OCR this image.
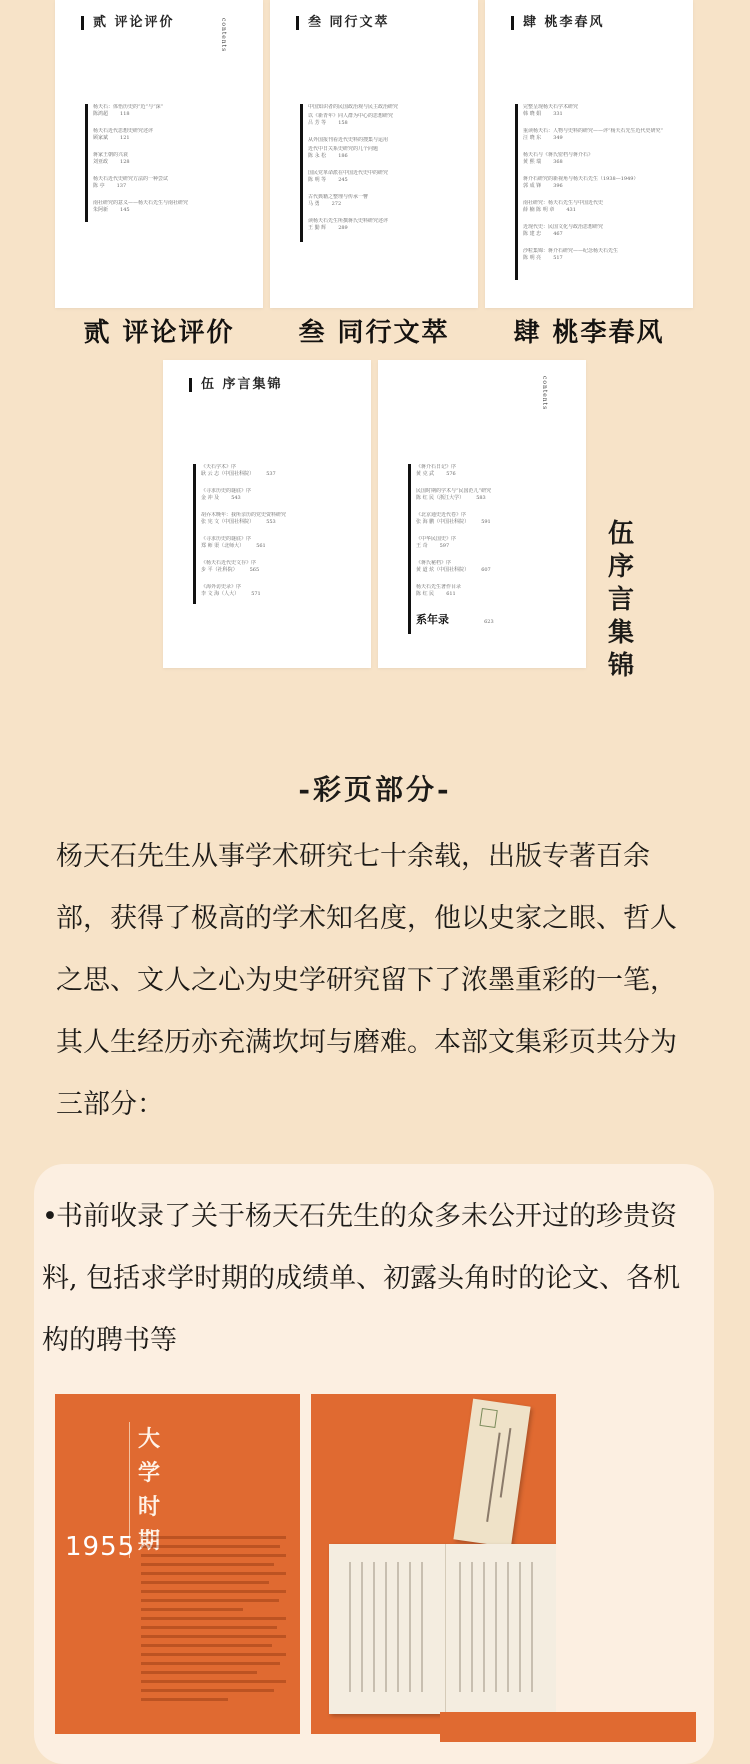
贰 评论评价	contents
杨天石：体悟历史的“近”与“深”
陈鸿超 118
杨天石近代思想史研究述评
顾家斌 121
蒋家王朝的兴衰
刘亚政 128
杨天石近代史研究方法的一种尝试
陈 亭 137
南社研究的意义——杨天石先生与南社研究
朱阿新 145
叁 同行文萃
中国知识者的民国政治观与民主政治研究
以《新青年》同人群为中心的思想研究
吕 芳 等 158
从外国报刊看近代史料的搜集与运用
近代中日关系史研究的几个问题
陈 永 松 186
国民党革命派在中国近代史中的研究
陈 明 等 245
古代典籍之整理与传承一瞥
马 勇 272
读杨天石先生所撰蒋氏史料研究述评
王 勤 辉 289
肆 桃李春风
完整呈现杨天石学术研究
韩 晓 娟 331
重读杨天石：人物与史料的研究——评“杨天石先生近代史研究”
汪 晓 东 349
杨天石与《蒋氏密档与蒋介石》
黄 熙 瑞 368
蒋介石研究的新视角与杨天石先生（1938—1949）
郭 成 锋 396
南社研究：杨天石先生与中国近代史
薛 楠 陈 明 章 431
近现代史：民国文化与政治思想研究
陈 建 忠 467
沙粒集锦：蒋介石研究——纪念杨天石先生
陈 明 亮 517
贰 评论评价	叁 同行文萃	肆 桃李春风
伍 序言集锦
《天石学术》序
耿 云 志（中国社科院） 537
《寻求历史的谜底》序
金 冲 及 543
胡乔木晚年：我所亲历的党史资料研究
张 宪 文（中国社科院） 553
《寻求历史的谜底》序
郑 师 渠（北师大） 561
《杨天石近代史文存》序
步 平（社科院） 565
《海外访史录》序
李 文 海（人大） 571
contents
《蒋介石日记》序
黄 克 武 576
民国时期的学术与“民国范儿”研究
陈 红 民（浙江大学） 583
《北京通史近代卷》序
张 海 鹏（中国社科院） 591
《中华民国史》序
王 奇 597
《蒋氏秘档》序
黄 道 炫（中国社科院） 607
杨天石先生著作目录
陈 红 民 611
系年录	623
伍序言集锦
-彩页部分-
杨天石先生从事学术研究七十余载，出版专著百余部，获得了极高的学术知名度，他以史家之眼、哲人之思、文人之心为史学研究留下了浓墨重彩的一笔，其人生经历亦充满坎坷与磨难。本部文集彩页共分为三部分：
•书前收录了关于杨天石先生的众多未公开过的珍贵资料, 包括求学时期的成绩单、初露头角时的论文、各机构的聘书等
大学时期
1955
